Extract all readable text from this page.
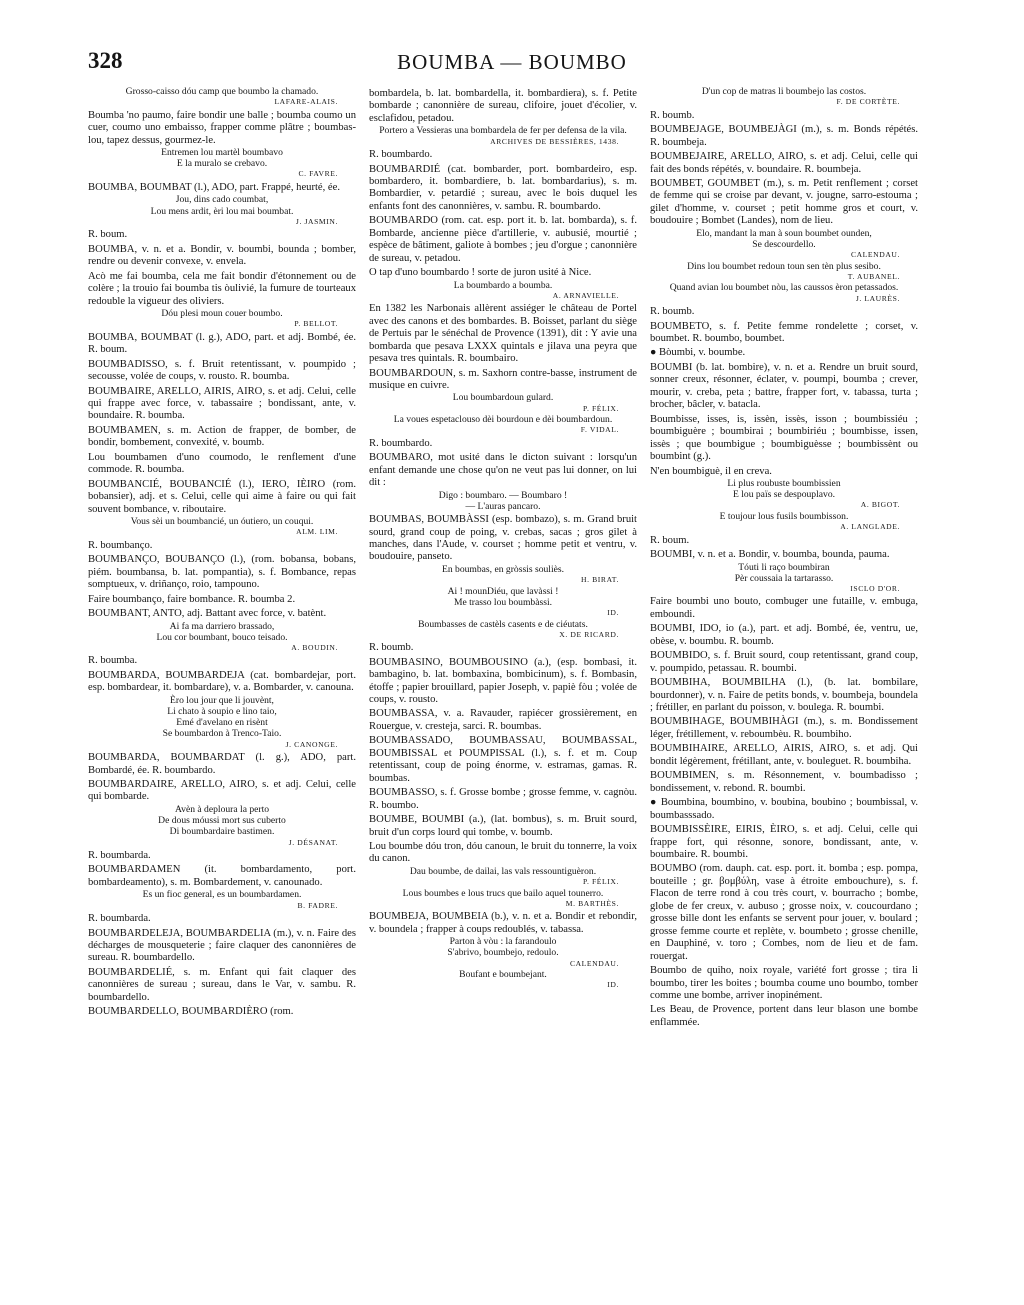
328	BOUMBA — BOUMBO

Grosso-caisso dóu camp que boumbo la chamado.

LAFARE-ALAIS.

Boumba 'no paumo, faire bondir une balle ; boumba coumo un cuer, coumo uno embaisso, frapper comme plâtre ; boumbas-lou, tapez dessus, gourmez-le.

Entremen lou martèl boumbavo
E la muralo se crebavo.

C. FAVRE.

BOUMBA, BOUMBAT (l.), ADO, part. Frappé, heurté, ée.

Jou, dins cado coumbat,
Lou mens ardit, èri lou mai boumbat.

J. JASMIN.

R. boum.

BOUMBA, v. n. et a. Bondir, v. boumbi, bounda ; bomber, rendre ou devenir convexe, v. envela.

Acò me fai boumba, cela me fait bondir d'étonnement ou de colère ; la trouio fai boumba tis òulivié, la fumure de tourteaux redouble la vigueur des oliviers.

Dóu plesi moun couer boumbo.

P. BELLOT.

BOUMBA, BOUMBAT (l. g.), ADO, part. et adj. Bombé, ée. R. boum.

BOUMBADISSO, s. f. Bruit retentissant, v. poumpido ; secousse, volée de coups, v. rousto. R. boumba.

BOUMBAIRE, ARELLO, AIRIS, AIRO, s. et adj. Celui, celle qui frappe avec force, v. tabassaire ; bondissant, ante, v. boundaire. R. boumba.

BOUMBAMEN, s. m. Action de frapper, de bomber, de bondir, bombement, convexité, v. boumb.

Lou boumbamen d'uno coumodo, le renflement d'une commode. R. boumba.

BOUMBANCIÉ, BOUBANCIÉ (l.), IERO, IÈIRO (rom. bobansier), adj. et s. Celui, celle qui aime à faire ou qui fait souvent bombance, v. riboutaire.

Vous sèi un boumbancié, un óutiero, un couqui.

ALM. LIM.

R. boumbanço.

BOUMBANÇO, BOUBANÇO (l.), (rom. bobansa, bobans, piém. boumbansa, b. lat. pompantia), s. f. Bombance, repas somptueux, v. driñanço, roio, tampouno.

Faire boumbanço, faire bombance. R. boumba 2.

BOUMBANT, ANTO, adj. Battant avec force, v. batènt.

Ai fa ma darriero brassado,
Lou cor boumbant, bouco teisado.

A. BOUDIN.

R. boumba.

BOUMBARDA, BOUMBARDEJA (cat. bombardejar, port. esp. bombardear, it. bombardare), v. a. Bombarder, v. canouna.

Èro lou jour que li jouvènt,
Li chato à soupio e lino taio,
Emé d'avelano en risènt
Se boumbardon à Trenco-Taio.

J. CANONGE.

BOUMBARDA, BOUMBARDAT (l. g.), ADO, part. Bombardé, ée. R. boumbardo.

BOUMBARDAIRE, ARELLO, AIRO, s. et adj. Celui, celle qui bombarde.

Avèn à deploura la perto
De dous móussi mort sus cuberto
Di boumbardaire bastimen.

J. DÉSANAT.

R. boumbarda.

BOUMBARDAMEN (it. bombardamento, port. bombardeamento), s. m. Bombardement, v. canounado.

Es un fioc general, es un boumbardamen.

B. FADRE.

R. boumbarda.

BOUMBARDELEJA, BOUMBARDELIA (m.), v. n. Faire des décharges de mousqueterie ; faire claquer des canonnières de sureau. R. boumbardello.

BOUMBARDELIÉ, s. m. Enfant qui fait claquer des canonnières de sureau ; sureau, dans le Var, v. sambu. R. boumbardello.

BOUMBARDELLO, BOUMBARDIÈRO (rom.

bombardela, b. lat. bombardella, it. bombardiera), s. f. Petite bombarde ; canonnière de sureau, clifoire, jouet d'écolier, v. esclafidou, petadou.

Portero a Vessieras una bombardela de fer per defensa de la vila.

ARCHIVES DE BESSIÈRES, 1438.

R. boumbardo.

BOUMBARDIÉ (cat. bombarder, port. bombardeiro, esp. bombardero, it. bombardiere, b. lat. bombardarius), s. m. Bombardier, v. petardié ; sureau, avec le bois duquel les enfants font des canonnières, v. sambu. R. boumbardo.

BOUMBARDO (rom. cat. esp. port it. b. lat. bombarda), s. f. Bombarde, ancienne pièce d'artillerie, v. aubusié, mourtié ; espèce de bâtiment, galiote à bombes ; jeu d'orgue ; canonnière de sureau, v. petadou.

O tap d'uno boumbardo ! sorte de juron usité à Nice.

La boumbardo a boumba.

A. ARNAVIELLE.

En 1382 les Narbonais allèrent assiéger le château de Portel avec des canons et des bombardes. B. Boisset, parlant du siège de Pertuis par le sénéchal de Provence (1391), dit : Y avie una bombarda que pesava LXXX quintals e jilava una peyra que pesava tres quintals. R. boumbairo.

BOUMBARDOUN, s. m. Saxhorn contre-basse, instrument de musique en cuivre.

Lou boumbardoun gulard.

P. FÉLIX.

La voues espetaclouso dèi bourdoun e dèi boumbardoun.

F. VIDAL.

R. boumbardo.

BOUMBARO, mot usité dans le dicton suivant : lorsqu'un enfant demande une chose qu'on ne veut pas lui donner, on lui dit :

Digo : boumbaro. — Boumbaro !
— L'auras pancaro.

BOUMBAS, BOUMBÀSSI (esp. bombazo), s. m. Grand bruit sourd, grand coup de poing, v. crebas, sacas ; gros gilet à manches, dans l'Aude, v. courset ; homme petit et ventru, v. boudouire, panseto.

En boumbas, en gròssis souliès.

H. BIRAT.

Ai ! mounDiéu, que lavàssi !
Me trasso lou boumbàssi.

ID.

Boumbasses de castèls casents e de ciéutats.

X. DE RICARD.

R. boumb.

BOUMBASINO, BOUMBOUSINO (a.), (esp. bombasi, it. bambagino, b. lat. bombaxina, bombicinum), s. f. Bombasin, étoffe ; papier brouillard, papier Joseph, v. papiè fòu ; volée de coups, v. rousto.

BOUMBASSA, v. a. Ravauder, rapiécer grossièrement, en Rouergue, v. cresteja, sarci. R. boumbas.

BOUMBASSADO, BOUMBASSAU, BOUMBASSAL, BOUMBISSAL et POUMPISSAL (l.), s. f. et m. Coup retentissant, coup de poing énorme, v. estramas, gamas. R. boumbas.

BOUMBASSO, s. f. Grosse bombe ; grosse femme, v. cagnòu. R. boumbo.

BOUMBE, BOUMBI (a.), (lat. bombus), s. m. Bruit sourd, bruit d'un corps lourd qui tombe, v. boumb.

Lou boumbe dóu tron, dóu canoun, le bruit du tonnerre, la voix du canon.

Dau boumbe, de dailai, las vals ressountiguèron.

P. FÉLIX.

Lous boumbes e lous trucs que bailo aquel tounerro.

M. BARTHÈS.

BOUMBEJA, BOUMBEIA (b.), v. n. et a. Bondir et rebondir, v. boundela ; frapper à coups redoublés, v. tabassa.

Parton à vòu : la farandoulo
S'abrivo, boumbejo, redoulo.

CALENDAU.

Boufant e boumbejant.

ID.

D'un cop de matras li boumbejo las costos.

F. DE CORTÈTE.

R. boumb.

BOUMBEJAGE, BOUMBEJÀGI (m.), s. m. Bonds répétés. R. boumbeja.

BOUMBEJAIRE, ARELLO, AIRO, s. et adj. Celui, celle qui fait des bonds répétés, v. boundaire. R. boumbeja.

BOUMBET, GOUMBET (m.), s. m. Petit renflement ; corset de femme qui se croise par devant, v. jougne, sarro-estouma ; gilet d'homme, v. courset ; petit homme gros et court, v. boudouire ; Bombet (Landes), nom de lieu.

Elo, mandant la man à soun boumbet ounden,
Se descourdello.

CALENDAU.

Dins lou boumbet redoun toun sen tèn plus sesibo.

T. AUBANEL.

Quand avian lou boumbet nòu, las caussos èron petassados.

J. LAURÈS.

R. boumb.

BOUMBETO, s. f. Petite femme rondelette ; corset, v. boumbet. R. boumbo, boumbet.

● Bòumbi, v. boumbe.

BOUMBI (b. lat. bombire), v. n. et a. Rendre un bruit sourd, sonner creux, résonner, éclater, v. poumpi, boumba ; crever, mourir, v. creba, peta ; battre, frapper fort, v. tabassa, turta ; brocher, bâcler, v. batacla.

Boumbisse, isses, is, issèn, issès, isson ; boumbissiéu ; boumbiguère ; boumbirai ; boumbiriéu ; boumbisse, issen, issès ; que boumbigue ; boumbiguèsse ; boumbissènt ou boumbint (g.).

N'en boumbiguè, il en creva.

Li plus roubuste boumbissien
E lou païs se despouplavo.

A. BIGOT.

E toujour lous fusils boumbisson.

A. LANGLADE.

R. boum.

BOUMBI, v. n. et a. Bondir, v. boumba, bounda, pauma.

Tóuti li raço boumbiran
Pèr coussaia la tartarasso.

ISCLO D'OR.

Faire boumbi uno bouto, combuger une futaille, v. embuga, emboundi.

BOUMBI, IDO, io (a.), part. et adj. Bombé, ée, ventru, ue, obèse, v. boumbu. R. boumb.

BOUMBIDO, s. f. Bruit sourd, coup retentissant, grand coup, v. poumpido, petassau. R. boumbi.

BOUMBIHA, BOUMBILHA (l.), (b. lat. bombilare, bourdonner), v. n. Faire de petits bonds, v. boumbeja, boundela ; frétiller, en parlant du poisson, v. boulega. R. boumbi.

BOUMBIHAGE, BOUMBIHÀGI (m.), s. m. Bondissement léger, frétillement, v. reboumbèu. R. boumbiho.

BOUMBIHAIRE, ARELLO, AIRIS, AIRO, s. et adj. Qui bondit légèrement, frétillant, ante, v. bouleguet. R. boumbiha.

BOUMBIMEN, s. m. Résonnement, v. boumbadisso ; bondissement, v. rebond. R. boumbi.

● Boumbina, boumbino, v. boubina, boubino ; boumbissal, v. boumbasssado.

BOUMBISSÈIRE, EIRIS, ÈIRO, s. et adj. Celui, celle qui frappe fort, qui résonne, sonore, bondissant, ante, v. boumbaire. R. boumbi.

BOUMBO (rom. dauph. cat. esp. port. it. bomba ; esp. pompa, bouteille ; gr. βομβύλη, vase à étroite embouchure), s. f. Flacon de terre rond à cou très court, v. bourracho ; bombe, globe de fer creux, v. aubuso ; grosse noix, v. coucourdano ; grosse bille dont les enfants se servent pour jouer, v. boulard ; grosse femme courte et replète, v. boumbeto ; grosse chenille, en Dauphiné, v. toro ; Combes, nom de lieu et de fam. rouergat.

Boumbo de quiho, noix royale, variété fort grosse ; tira li boumbo, tirer les boites ; boumba coume uno boumbo, tomber comme une bombe, arriver inopinément.

Les Beau, de Provence, portent dans leur blason une bombe enflammée.
